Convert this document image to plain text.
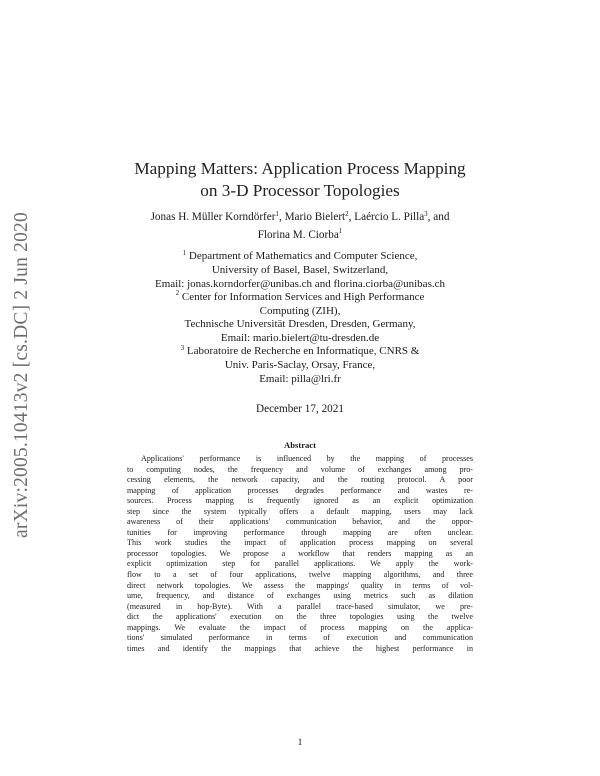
arXiv:2005.10413v2 [cs.DC] 2 Jun 2020
Mapping Matters: Application Process Mapping
on 3-D Processor Topologies
Jonas H. Müller Korndörfer$^1$, Mario Bielert$^2$, Laércio L. Pilla$^3$, and
Florina M. Ciorba$^1$
$^1$ Department of Mathematics and Computer Science,
University of Basel, Basel, Switzerland,
Email: jonas.korndorfer@unibas.ch and florina.ciorba@unibas.ch
$^2$ Center for Information Services and High Performance
Computing (ZIH),
Technische Universität Dresden, Dresden, Germany,
Email: mario.bielert@tu-dresden.de
$^3$ Laboratoire de Recherche en Informatique, CNRS &
Univ. Paris-Saclay, Orsay, France,
Email: pilla@lri.fr
December 17, 2021
Abstract
Applications' performance is influenced by the mapping of processes
to computing nodes, the frequency and volume of exchanges among pro-
cessing elements, the network capacity, and the routing protocol. A poor
mapping of application processes degrades performance and wastes re-
sources. Process mapping is frequently ignored as an explicit optimization
step since the system typically offers a default mapping, users may lack
awareness of their applications' communication behavior, and the oppor-
tunities for improving performance through mapping are often unclear.
This work studies the impact of application process mapping on several
processor topologies. We propose a workflow that renders mapping as an
explicit optimization step for parallel applications. We apply the work-
flow to a set of four applications, twelve mapping algorithms, and three
direct network topologies. We assess the mappings' quality in terms of vol-
ume, frequency, and distance of exchanges using metrics such as dilation
(measured in hop-Byte). With a parallel trace-based simulator, we pre-
dict the applications' execution on the three topologies using the twelve
mappings. We evaluate the impact of process mapping on the applica-
tions' simulated performance in terms of execution and communication
times and identify the mappings that achieve the highest performance in
1
